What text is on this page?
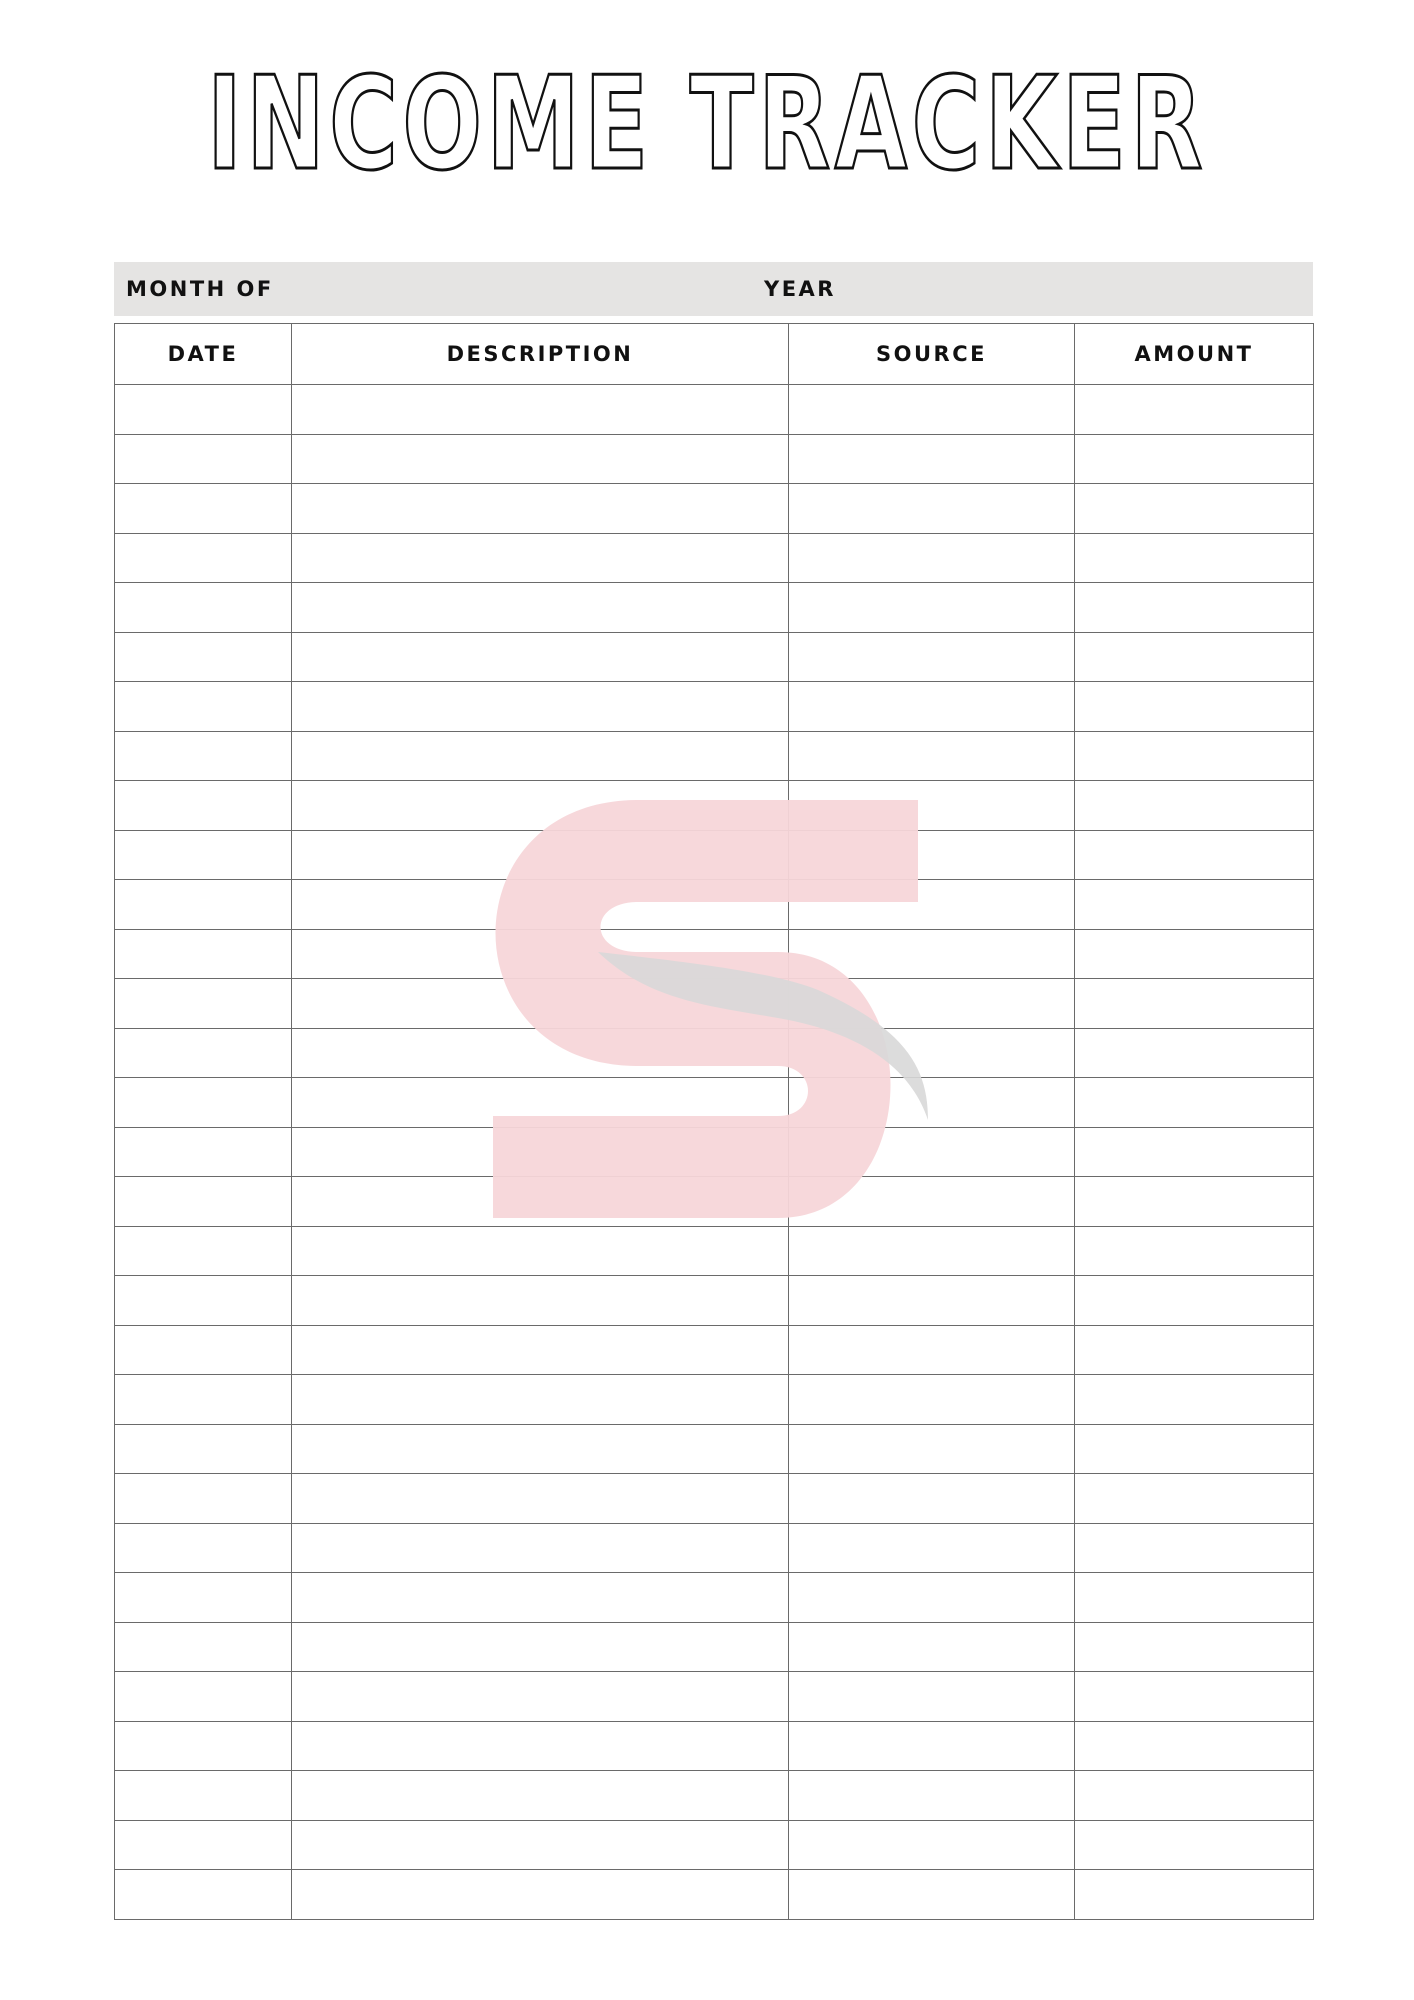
INCOME TRACKER
MONTH OF	YEAR
DATE	DESCRIPTION	SOURCE	AMOUNT
